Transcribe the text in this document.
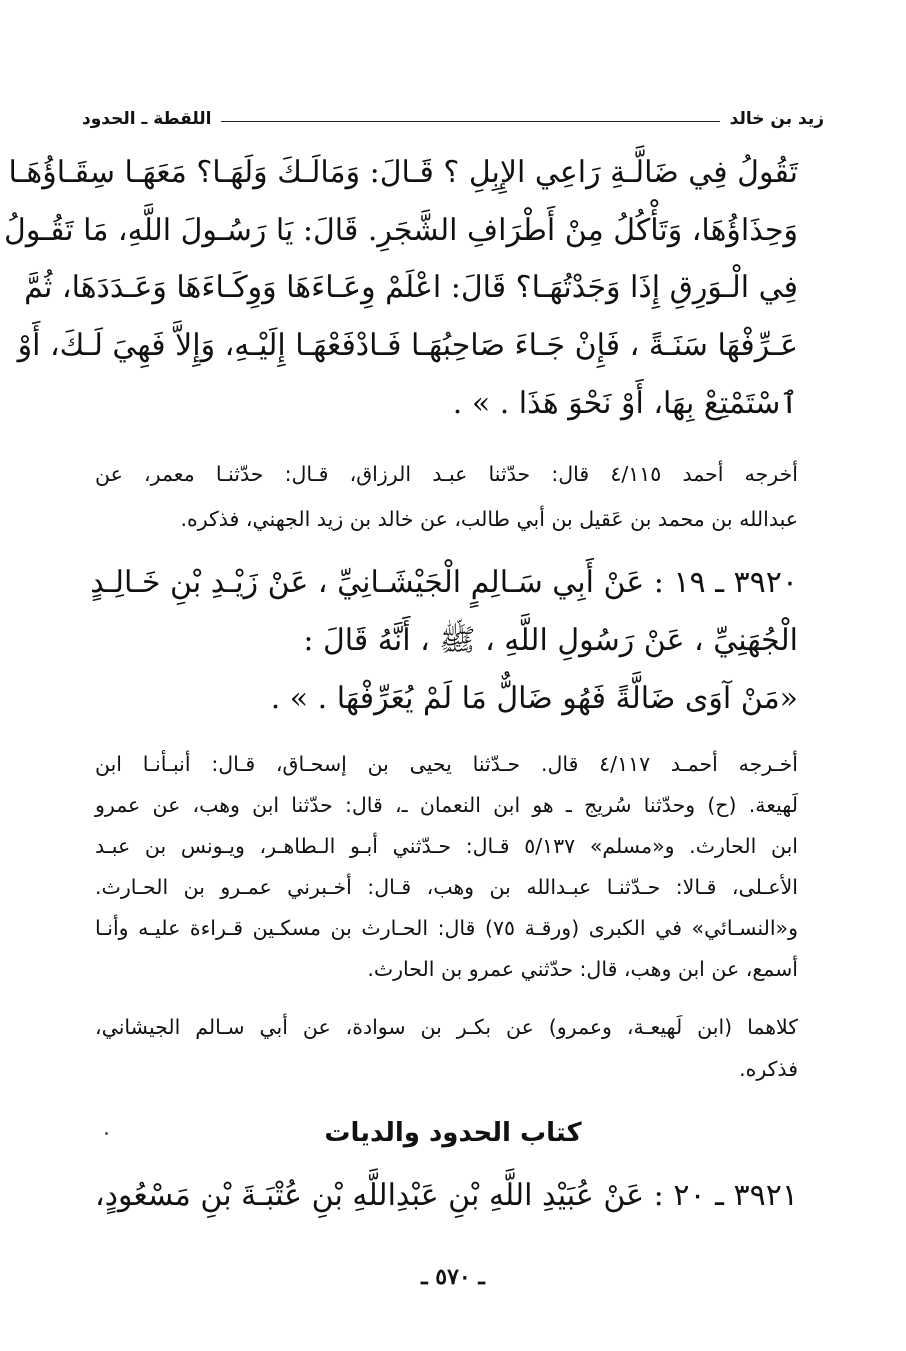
زيد بن خالد
اللقطة ـ الحدود
تَقُولُ فِي ضَالَّـةِ رَاعِي الإِبِلِ ؟ قَـالَ: وَمَالَـكَ وَلَهَـا؟ مَعَهَـا سِقَـاؤُهَـا
وَحِذَاؤُهَا، وَتَأْكُلُ مِنْ أَطْرَافِ الشَّجَرِ. قَالَ: يَا رَسُـولَ اللَّهِ، مَا تَقُـولُ
فِي الْـوَرِقِ إِذَا وَجَدْتُهَـا؟ قَالَ: اعْلَمْ وِعَـاءَهَا وَوِكَـاءَهَا وَعَـدَدَهَا، ثُمَّ
عَـرِّفْهَا سَنَـةً ، فَإِنْ جَـاءَ صَاحِبُهَـا فَـادْفَعْهَـا إِلَيْـهِ، وَإِلاَّ فَهِيَ لَـكَ، أَوْ
ٱسْتَمْتِعْ بِهَا، أَوْ نَحْوَ هَذَا . » .
أخرجه أحمد ٤/١١٥ قال: حدّثنا عبـد الرزاق، قـال: حدّثنـا معمر، عن
عبدالله بن محمد بن عَقيل بن أبي طالب، عن خالد بن زيد الجهني، فذكره.
٣٩٢٠ ـ ١٩ : عَنْ أَبِي سَـالِمٍ الْجَيْشَـانِيِّ ، عَنْ زَيْـدِ بْنِ خَـالِـدٍ
الْجُهَنِيِّ ، عَنْ رَسُولِ اللَّهِ ، ﷺ ، أَنَّهُ قَالَ :
«مَنْ آوَى ضَالَّةً فَهُو ضَالٌّ مَا لَمْ يُعَرِّفْهَا . » .
أخـرجه أحمـد ٤/١١٧ قال. حـدّثنا يحيى بن إسحـاق، قـال: أنبـأنـا ابن
لَهيعة. (ح) وحدّثنا سُريج ـ هو ابن النعمان ـ، قال: حدّثنا ابن وهب، عن عمرو
ابن الحارث. و«مسلم» ٥/١٣٧ قـال: حـدّثني أبـو الـطاهـر، ويـونس بن عبـد
الأعـلى، قـالا: حـدّثنـا عبـدالله بن وهب، قـال: أخـبرني عمـرو بن الحـارث.
و«النسـائي» في الكبرى (ورقـة ٧٥) قال: الحـارث بن مسكـين قـراءة عليـه وأنـا
أسمع، عن ابن وهب، قال: حدّثني عمرو بن الحارث.
كلاهما (ابن لَهيعـة، وعمرو) عن بكـر بن سوادة، عن أبي سـالم الجيشاني،
فذكره.
كتاب الحدود والديات
٣٩٢١ ـ ٢٠ : عَنْ عُبَيْدِ اللَّهِ بْنِ عَبْدِاللَّهِ بْنِ عُتْبَـةَ بْنِ مَسْعُودٍ،
ـ ٥٧٠ ـ
